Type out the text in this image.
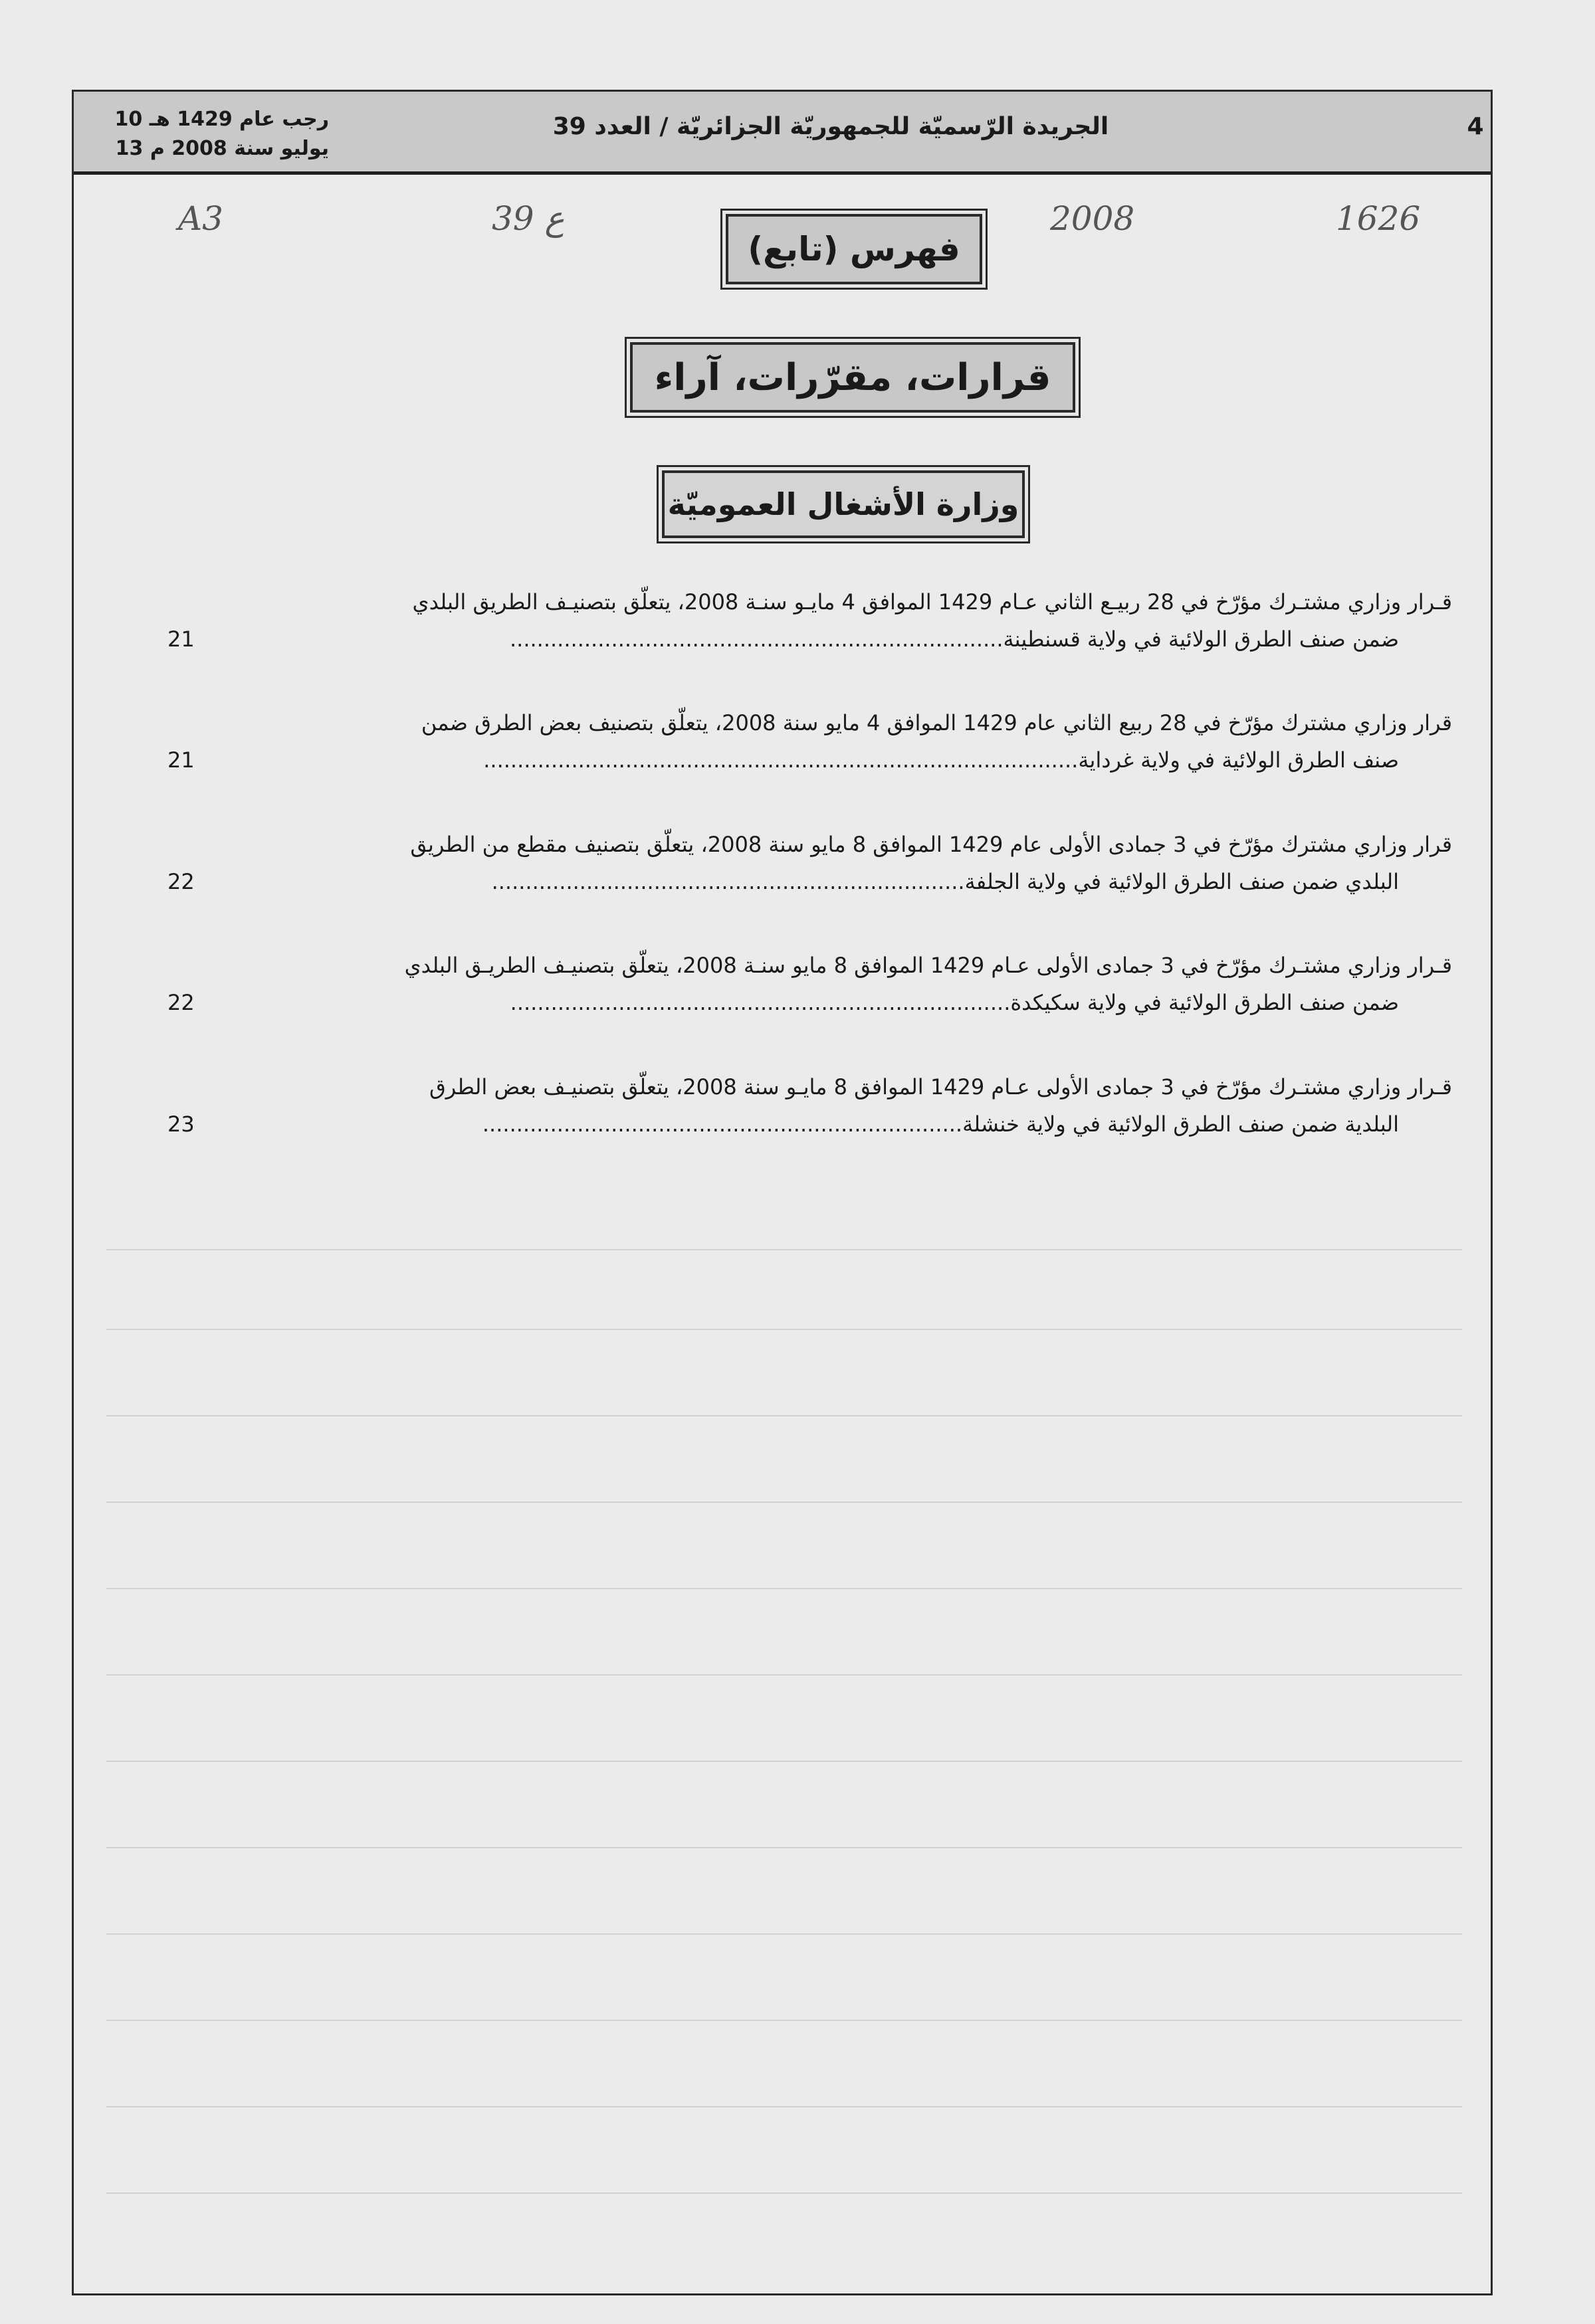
10 رجب عام 1429 هـ
13 يوليو سنة 2008 م
الجريدة الرّسميّة للجمهوريّة الجزائريّة / العدد 39	4
A3	39 ع	2008	1626
فهرس (تابع)
قرارات، مقرّرات، آراء
وزارة الأشغال العموميّة
قـرار وزاري مشتـرك مؤرّخ في 28 ربيـع الثاني عـام 1429 الموافق 4 مايـو سنـة 2008، يتعلّق بتصنيـف الطريق البلدي
ضمن صنف الطرق الولائية في ولاية قسنطينة.........................................................................
21
قرار وزاري مشترك مؤرّخ في 28 ربيع الثاني عام 1429 الموافق 4 مايو سنة 2008، يتعلّق بتصنيف بعض الطرق ضمن
صنف الطرق الولائية في ولاية غرداية........................................................................................
21
قرار وزاري مشترك مؤرّخ في 3 جمادى الأولى عام 1429 الموافق 8 مايو سنة 2008، يتعلّق بتصنيف مقطع من الطريق
البلدي ضمن صنف الطرق الولائية في ولاية الجلفة......................................................................
22
قـرار وزاري مشتـرك مؤرّخ في 3 جمادى الأولى عـام 1429 الموافق 8 مايو سنـة 2008، يتعلّق بتصنيـف الطريـق البلدي
ضمن صنف الطرق الولائية في ولاية سكيكدة..........................................................................
22
قـرار وزاري مشتـرك مؤرّخ في 3 جمادى الأولى عـام 1429 الموافق 8 مايـو سنة 2008، يتعلّق بتصنيـف بعض الطرق
البلدية ضمن صنف الطرق الولائية في ولاية خنشلة.......................................................................
23
